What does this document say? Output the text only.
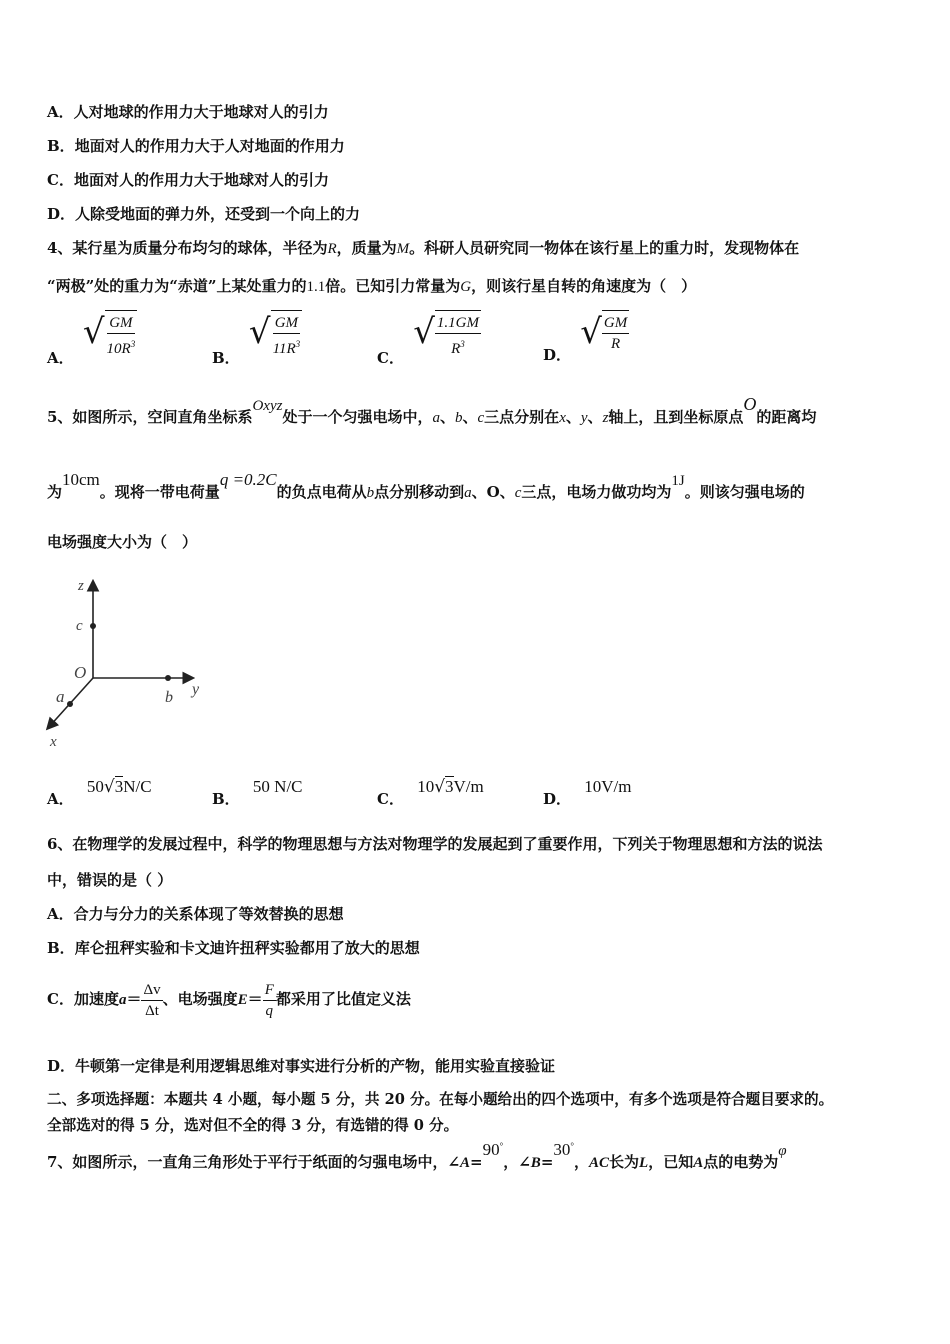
A．人对地球的作用力大于地球对人的引力
B．地面对人的作用力大于人对地面的作用力
C．地面对人的作用力大于地球对人的引力
D．人除受地面的弹力外，还受到一个向上的力
4、某行星为质量分布均匀的球体，半径为R，质量为M。科研人员研究同一物体在该行星上的重力时，发现物体在
“两极”处的重力为“赤道”上某处重力的1.1倍。已知引力常量为G，则该行星自转的角速度为（　）
A．
√ $\frac{GM}{10R^3}$	B．
√ $\frac{GM}{11R^3}$	C．
√ $\frac{1.1GM}{R^3}$	D．
√ $\frac{GM}{R}$
5、如图所示，空间直角坐标系Oxyz处于一个匀强电场中，a、b、c三点分别在x、y、z轴上，且到坐标原点O的距离均
为10cm。现将一带电荷量q =0.2C的负点电荷从b点分别移动到a、O、c三点，电场力做功均为1J。则该匀强电场的
电场强度大小为（　）
z
c
O
a	b y
x
A． 50√3N/C
B． 50 N/C
C． 10√3V/m
D． 10V/m
6、在物理学的发展过程中，科学的物理思想与方法对物理学的发展起到了重要作用，下列关于物理思想和方法的说法
中，错误的是（ ）
A．合力与分力的关系体现了等效替换的思想
B．库仑扭秤实验和卡文迪许扭秤实验都用了放大的思想
C．加速度$a= \frac{\Delta v}{\Delta t}$ 、电场强度$E= \frac{F}{q}$ 都采用了比值定义法
D．牛顿第一定律是利用逻辑思维对事实进行分析的产物，能用实验直接验证
二、多项选择题：本题共 4 小题，每小题 5 分，共 20 分。在每小题给出的四个选项中，有多个选项是符合题目要求的。
全部选对的得 5 分，选对但不全的得 3 分，有选错的得 0 分。
7、如图所示，一直角三角形处于平行于纸面的匀强电场中，∠A=90°，∠B=30°，AC长为L，已知A点的电势为φ
